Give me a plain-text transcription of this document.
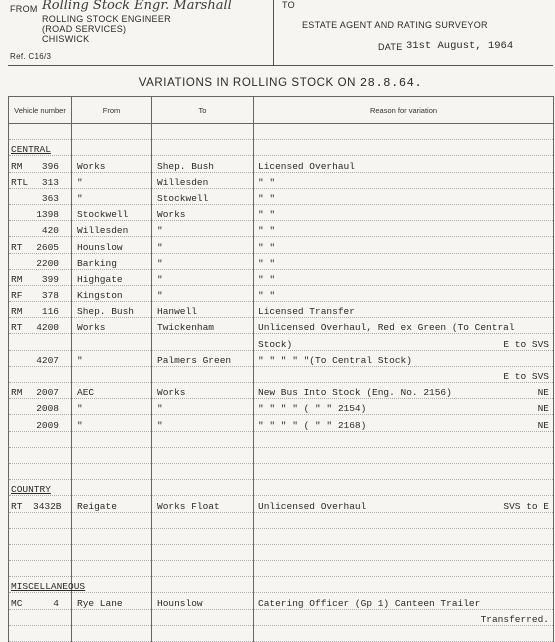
FROM Rolling Stock Engr. Marshall
ROLLING STOCK ENGINEER
(ROAD SERVICES)
CHISWICK
Ref. C16/3
TO
ESTATE AGENT AND RATING SURVEYOR
DATE 31st August, 1964
VARIATIONS IN ROLLING STOCK ON 28.8.64.
Vehicle number	From	To	Reason for variation

CENTRAL			
RM 396	Works	Shep. Bush	Licensed Overhaul

RTL 313	"	Willesden	" "

363	"	Stockwell	" "

1398	Stockwell	Works	" "

420	Willesden	"	" "

RT 2605	Hounslow	"	" "

2200	Barking	"	" "

RM 399	Highgate	"	" "

RF 378	Kingston	"	" "

RM 116	Shep. Bush	Hanwell	Licensed Transfer

RT 4200	Works	Twickenham	Unlicensed Overhaul, Red ex Green (To Central

			Stock) E to SVS

4207	"	Palmers Green	" " " " "(To Central Stock)

			E to SVS

RM 2007	AEC	Works	New Bus Into Stock (Eng. No. 2156) NE

2008	"	"	" " " " ( " " 2154) NE

2009	"	"	" " " " ( " " 2168) NE

COUNTRY			
RT 3432B	Reigate	Works Float	Unlicensed Overhaul SVS to E

MISCELLANEOUS			
MC 4	Rye Lane	Hounslow	Catering Officer (Gp 1) Canteen Trailer

			Transferred.
